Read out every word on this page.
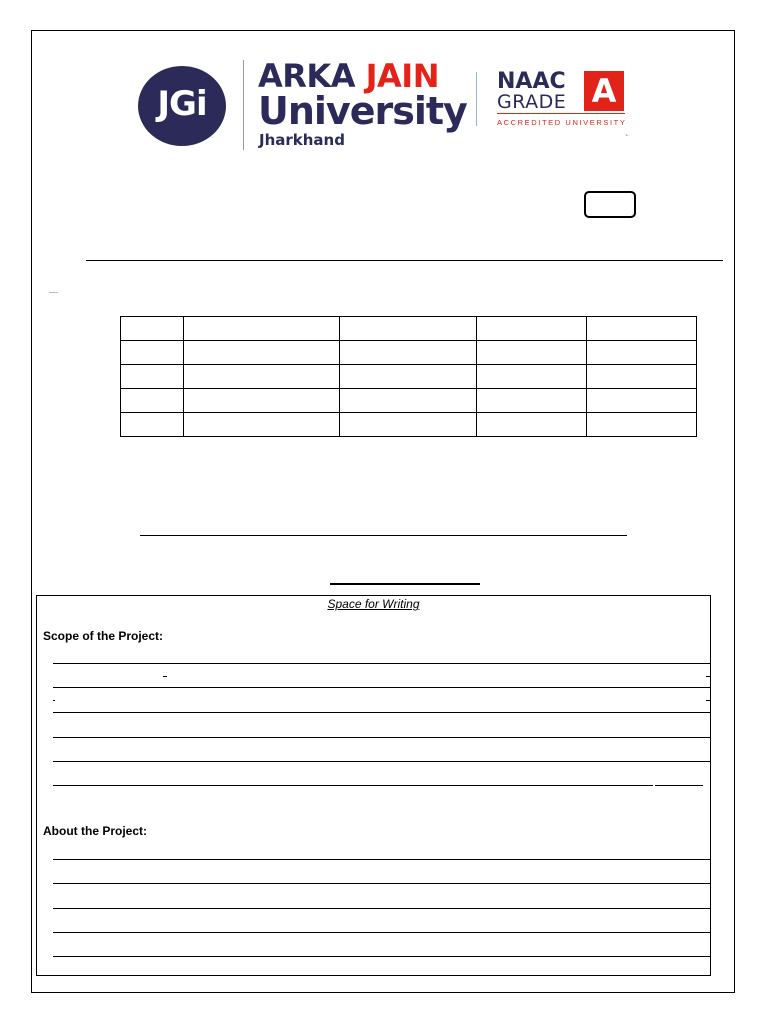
JGi
ARKA JAIN
University
Jharkhand
NAAC
GRADE A
ACCREDITED UNIVERSITY
`

Space for Writing
Scope of the Project:
About the Project:
